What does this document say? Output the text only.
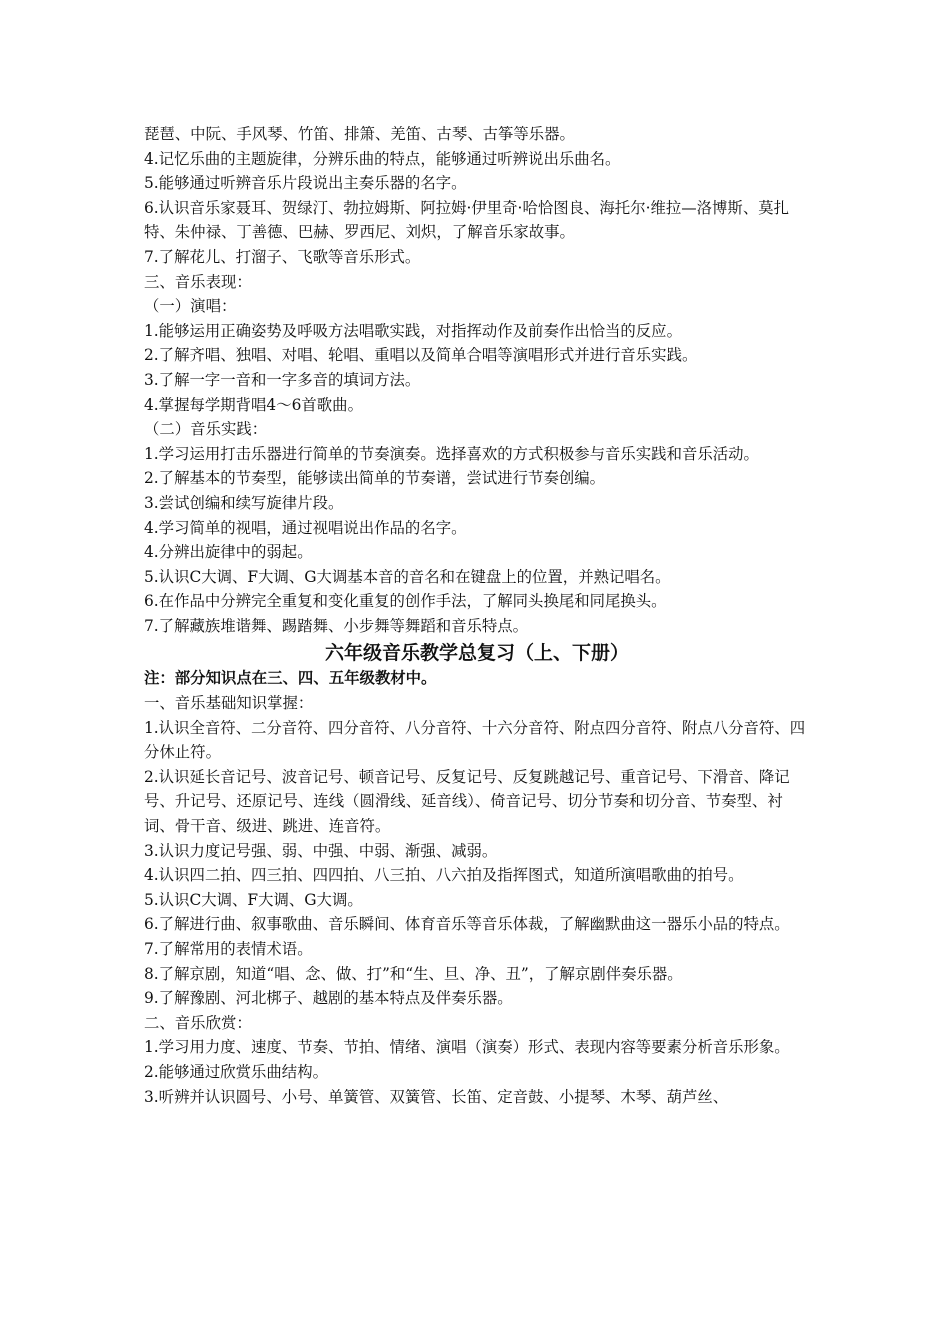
琵琶、中阮、手风琴、竹笛、排箫、羌笛、古琴、古筝等乐器。
4.记忆乐曲的主题旋律，分辨乐曲的特点，能够通过听辨说出乐曲名。
5.能够通过听辨音乐片段说出主奏乐器的名字。
6.认识音乐家聂耳、贺绿汀、勃拉姆斯、阿拉姆·伊里奇·哈恰图良、海托尔·维拉—洛博斯、莫扎特、朱仲禄、丁善德、巴赫、罗西尼、刘炽，了解音乐家故事。
7.了解花儿、打溜子、飞歌等音乐形式。
三、音乐表现：
（一）演唱：
1.能够运用正确姿势及呼吸方法唱歌实践，对指挥动作及前奏作出恰当的反应。
2.了解齐唱、独唱、对唱、轮唱、重唱以及简单合唱等演唱形式并进行音乐实践。
3.了解一字一音和一字多音的填词方法。
4.掌握每学期背唱4～6首歌曲。
（二）音乐实践：
1.学习运用打击乐器进行简单的节奏演奏。选择喜欢的方式积极参与音乐实践和音乐活动。
2.了解基本的节奏型，能够读出简单的节奏谱，尝试进行节奏创编。
3.尝试创编和续写旋律片段。
4.学习简单的视唱，通过视唱说出作品的名字。
4.分辨出旋律中的弱起。
5.认识C大调、F大调、G大调基本音的音名和在键盘上的位置，并熟记唱名。
6.在作品中分辨完全重复和变化重复的创作手法，了解同头换尾和同尾换头。
7.了解藏族堆谐舞、踢踏舞、小步舞等舞蹈和音乐特点。
六年级音乐教学总复习（上、下册）
注：部分知识点在三、四、五年级教材中。
一、音乐基础知识掌握：
1.认识全音符、二分音符、四分音符、八分音符、十六分音符、附点四分音符、附点八分音符、四分休止符。
2.认识延长音记号、波音记号、顿音记号、反复记号、反复跳越记号、重音记号、下滑音、降记号、升记号、还原记号、连线（圆滑线、延音线）、倚音记号、切分节奏和切分音、节奏型、衬词、骨干音、级进、跳进、连音符。
3.认识力度记号强、弱、中强、中弱、渐强、减弱。
4.认识四二拍、四三拍、四四拍、八三拍、八六拍及指挥图式，知道所演唱歌曲的拍号。
5.认识C大调、F大调、G大调。
6.了解进行曲、叙事歌曲、音乐瞬间、体育音乐等音乐体裁，了解幽默曲这一器乐小品的特点。
7.了解常用的表情术语。
8.了解京剧，知道“唱、念、做、打”和“生、旦、净、丑”，了解京剧伴奏乐器。
9.了解豫剧、河北梆子、越剧的基本特点及伴奏乐器。
二、音乐欣赏：
1.学习用力度、速度、节奏、节拍、情绪、演唱（演奏）形式、表现内容等要素分析音乐形象。
2.能够通过欣赏乐曲结构。
3.听辨并认识圆号、小号、单簧管、双簧管、长笛、定音鼓、小提琴、木琴、葫芦丝、
